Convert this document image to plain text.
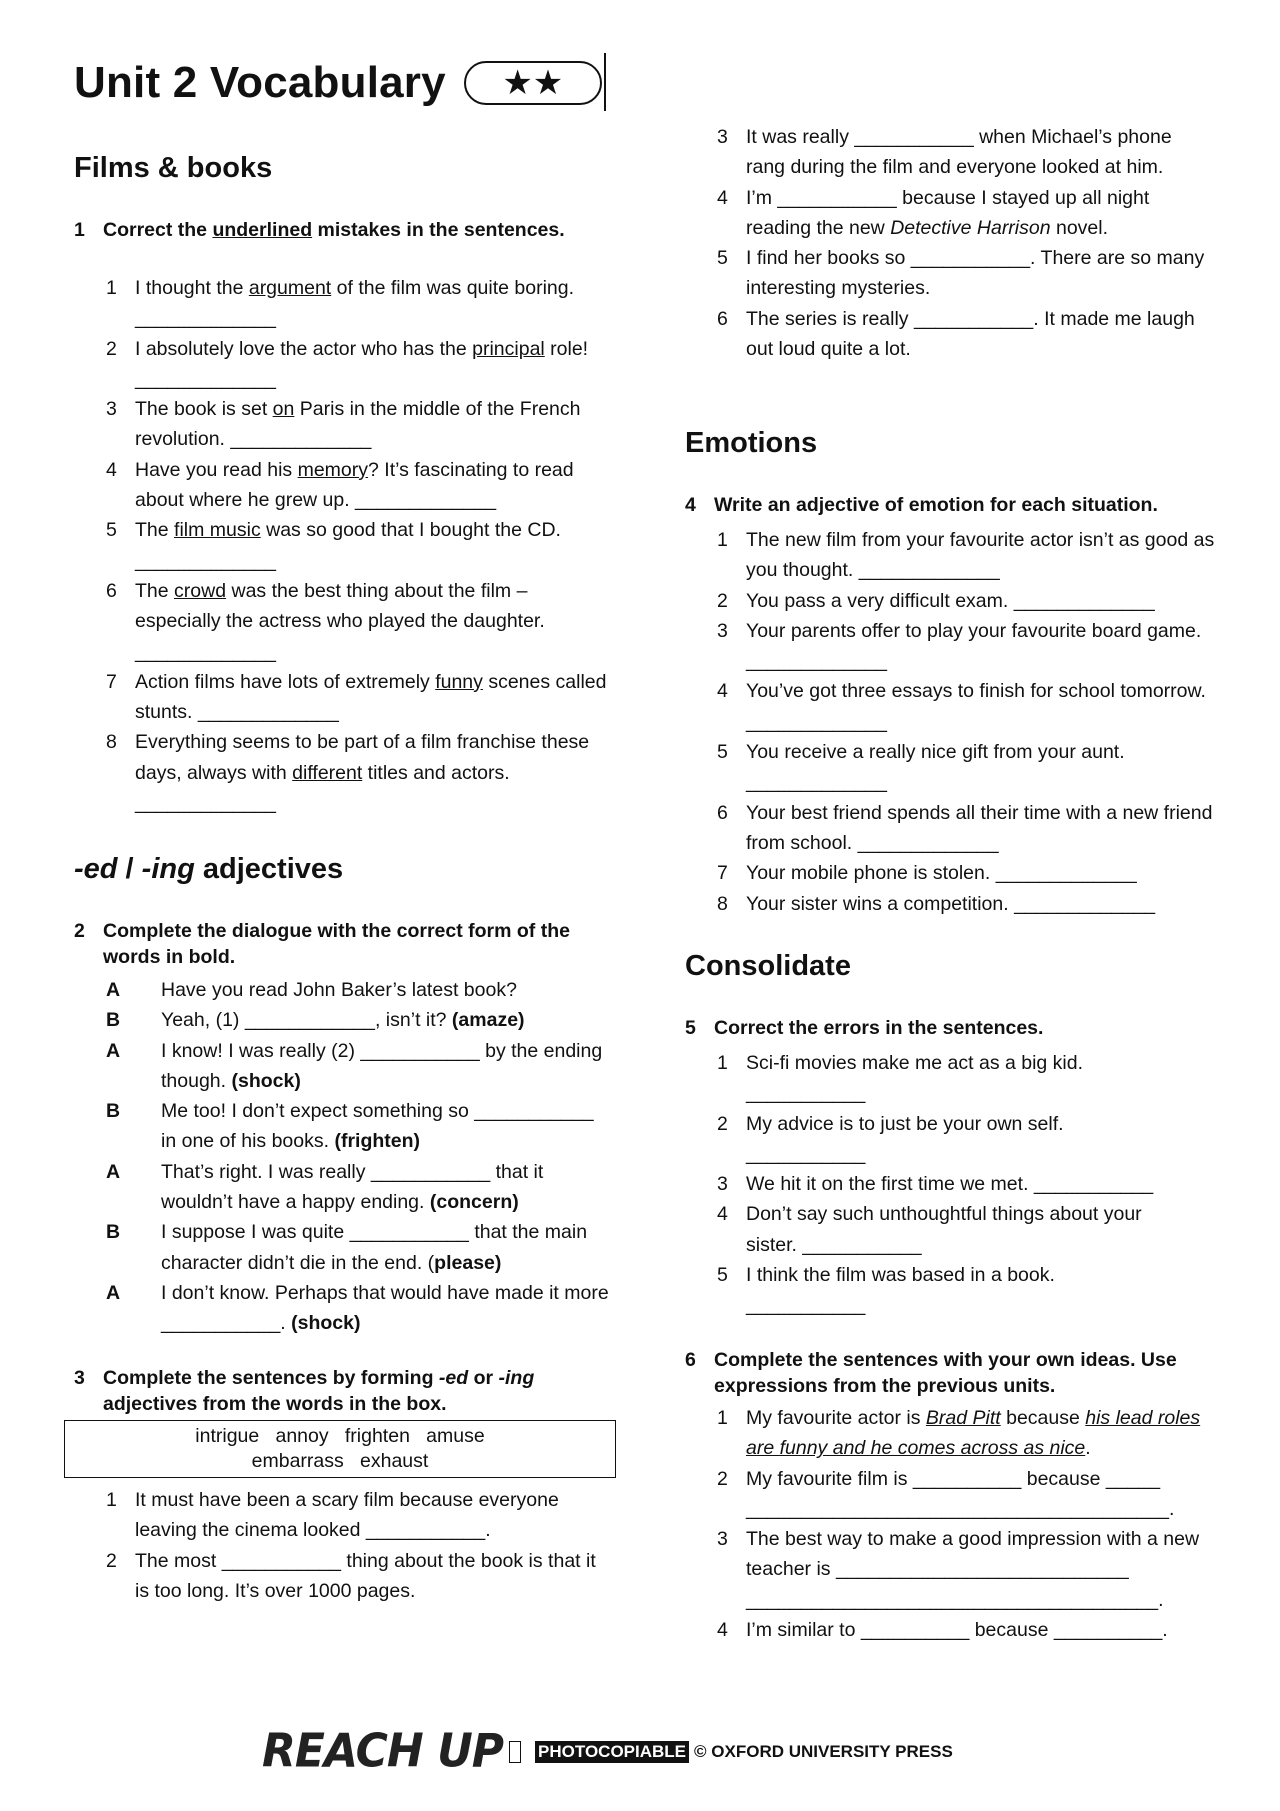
Unit 2 Vocabulary ★★
Films & books
1 Correct the underlined mistakes in the sentences.
1 I thought the argument of the film was quite boring. _____________
2 I absolutely love the actor who has the principal role! _____________
3 The book is set on Paris in the middle of the French revolution. _____________
4 Have you read his memory? It’s fascinating to read about where he grew up. _____________
5 The film music was so good that I bought the CD. _____________
6 The crowd was the best thing about the film – especially the actress who played the daughter. _____________
7 Action films have lots of extremely funny scenes called stunts. _____________
8 Everything seems to be part of a film franchise these days, always with different titles and actors. _____________
-ed / -ing adjectives
2 Complete the dialogue with the correct form of the words in bold.
A Have you read John Baker’s latest book?
B Yeah, (1) ____________, isn’t it? (amaze)
A I know! I was really (2) ___________ by the ending though. (shock)
B Me too! I don’t expect something so ___________ in one of his books. (frighten)
A That’s right. I was really ___________ that it wouldn’t have a happy ending. (concern)
B I suppose I was quite ___________ that the main character didn’t die in the end. (please)
A I don’t know. Perhaps that would have made it more ___________. (shock)
3 Complete the sentences by forming -ed or -ing adjectives from the words in the box.
intrigue   annoy   frighten   amuse
embarrass   exhaust
1 It must have been a scary film because everyone leaving the cinema looked ___________.
2 The most ___________ thing about the book is that it is too long. It’s over 1000 pages.
3 It was really ___________ when Michael’s phone rang during the film and everyone looked at him.
4 I’m ___________ because I stayed up all night reading the new Detective Harrison novel.
5 I find her books so ___________. There are so many interesting mysteries.
6 The series is really ___________. It made me laugh out loud quite a lot.
Emotions
4 Write an adjective of emotion for each situation.
1 The new film from your favourite actor isn’t as good as you thought. _____________
2 You pass a very difficult exam. _____________
3 Your parents offer to play your favourite board game. _____________
4 You’ve got three essays to finish for school tomorrow. _____________
5 You receive a really nice gift from your aunt. _____________
6 Your best friend spends all their time with a new friend from school. _____________
7 Your mobile phone is stolen. _____________
8 Your sister wins a competition. _____________
Consolidate
5 Correct the errors in the sentences.
1 Sci-fi movies make me act as a big kid. ___________
2 My advice is to just be your own self. ___________
3 We hit it on the first time we met. ___________
4 Don’t say such unthoughtful things about your sister. ___________
5 I think the film was based in a book. ___________
6 Complete the sentences with your own ideas. Use expressions from the previous units.
1 My favourite actor is Brad Pitt because his lead roles are funny and he comes across as nice.
2 My favourite film is __________ because _____ _______________________________________.
3 The best way to make a good impression with a new teacher is ___________________________ ______________________________________.
4 I’m similar to __________ because __________.
REACH UP PHOTOCOPIABLE © OXFORD UNIVERSITY PRESS
